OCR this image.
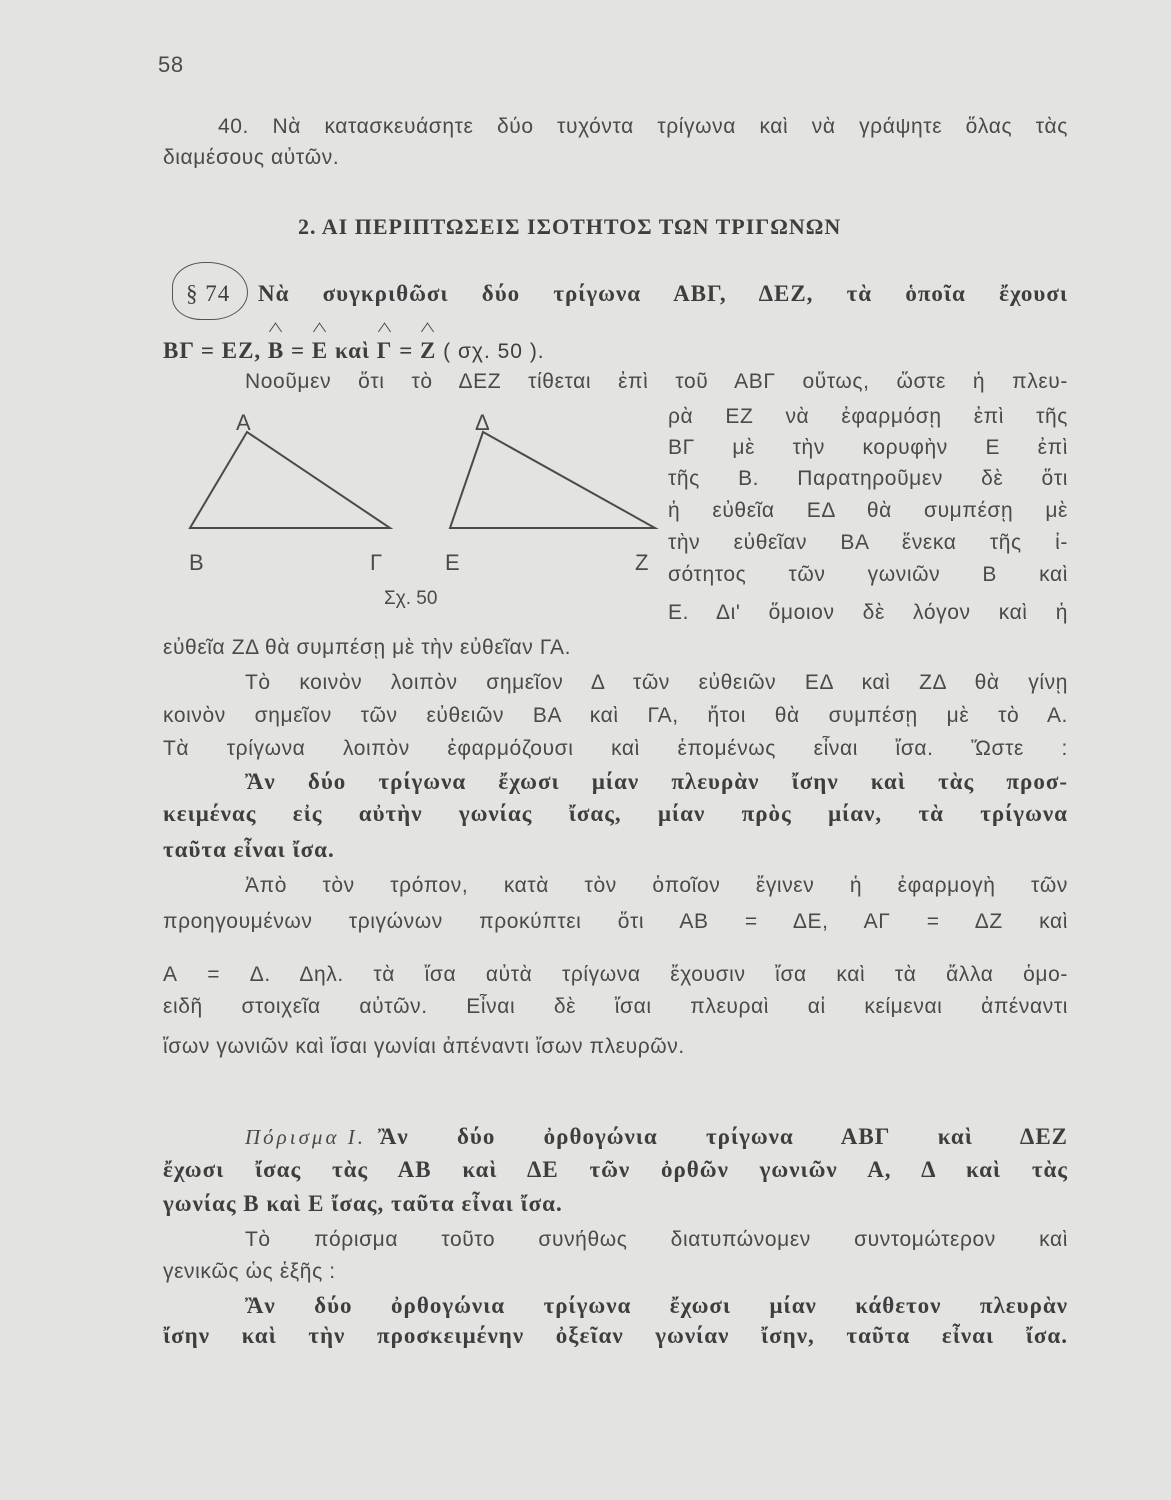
58
40. Νὰ κατασκευάσητε δύο τυχόντα τρίγωνα καὶ νὰ γράψητε ὅλας τὰς
διαμέσους αὐτῶν.
2. ΑΙ ΠΕΡΙΠΤΩΣΕΙΣ ΙΣΟΤΗΤΟΣ ΤΩΝ ΤΡΙΓΩΝΩΝ
§ 74 Νὰ συγκριθῶσι δύο τρίγωνα ΑΒΓ, ΔΕΖ, τὰ ὁποῖα ἔχουσι
ΒΓ = ΕΖ, Β = Ε καὶ Γ = Ζ ( σχ. 50 ).
Νοοῦμεν ὅτι τὸ ΔΕΖ τίθεται ἐπὶ τοῦ ΑΒΓ οὕτως, ὥστε ἡ πλευ-
ρὰ ΕΖ νὰ ἐφαρμόσῃ ἐπὶ τῆς
ΒΓ μὲ τὴν κορυφὴν Ε ἐπὶ
τῆς Β. Παρατηροῦμεν δὲ ὅτι
ἡ εὐθεῖα ΕΔ θὰ συμπέσῃ μὲ
τὴν εὐθεῖαν ΒΑ ἕνεκα τῆς ἰ-
σότητος τῶν γωνιῶν Β καὶ
Ε. Δι' ὅμοιον δὲ λόγον καὶ ἡ
εὐθεῖα ΖΔ θὰ συμπέσῃ μὲ τὴν εὐθεῖαν ΓΑ.
Α
Β	Γ
Δ
Ε	Ζ
Σχ. 50
Τὸ κοινὸν λοιπὸν σημεῖον Δ τῶν εὐθειῶν ΕΔ καὶ ΖΔ θὰ γίνῃ
κοινὸν σημεῖον τῶν εὐθειῶν ΒΑ καὶ ΓΑ, ἤτοι θὰ συμπέσῃ μὲ τὸ Α.
Τὰ τρίγωνα λοιπὸν ἐφαρμόζουσι καὶ ἑπομένως εἶναι ἴσα. Ὥστε :
Ἂν δύο τρίγωνα ἔχωσι μίαν πλευρὰν ἴσην καὶ τὰς προσ-
κειμένας εἰς αὐτὴν γωνίας ἴσας, μίαν πρὸς μίαν, τὰ τρίγωνα
ταῦτα εἶναι ἴσα.
Ἀπὸ τὸν τρόπον, κατὰ τὸν ὁποῖον ἔγινεν ἡ ἐφαρμογὴ τῶν
προηγουμένων τριγώνων προκύπτει ὅτι ΑΒ = ΔΕ, ΑΓ = ΔΖ καὶ
Α = Δ. Δηλ. τὰ ἴσα αὐτὰ τρίγωνα ἔχουσιν ἴσα καὶ τὰ ἄλλα ὁμο-
ειδῆ στοιχεῖα αὐτῶν. Εἶναι δὲ ἴσαι πλευραὶ αἱ κείμεναι ἀπέναντι
ἴσων γωνιῶν καὶ ἴσαι γωνίαι ἀπέναντι ἴσων πλευρῶν.
Πόρισμα Ι. Ἂν δύο ὀρθογώνια τρίγωνα ΑΒΓ καὶ ΔΕΖ
ἔχωσι ἴσας τὰς ΑΒ καὶ ΔΕ τῶν ὀρθῶν γωνιῶν Α, Δ καὶ τὰς
γωνίας Β καὶ Ε ἴσας, ταῦτα εἶναι ἴσα.
Τὸ πόρισμα τοῦτο συνήθως διατυπώνομεν συντομώτερον καὶ
γενικῶς ὡς ἑξῆς :
Ἂν δύο ὀρθογώνια τρίγωνα ἔχωσι μίαν κάθετον πλευρὰν
ἴσην καὶ τὴν προσκειμένην ὀξεῖαν γωνίαν ἴσην, ταῦτα εἶναι ἴσα.
